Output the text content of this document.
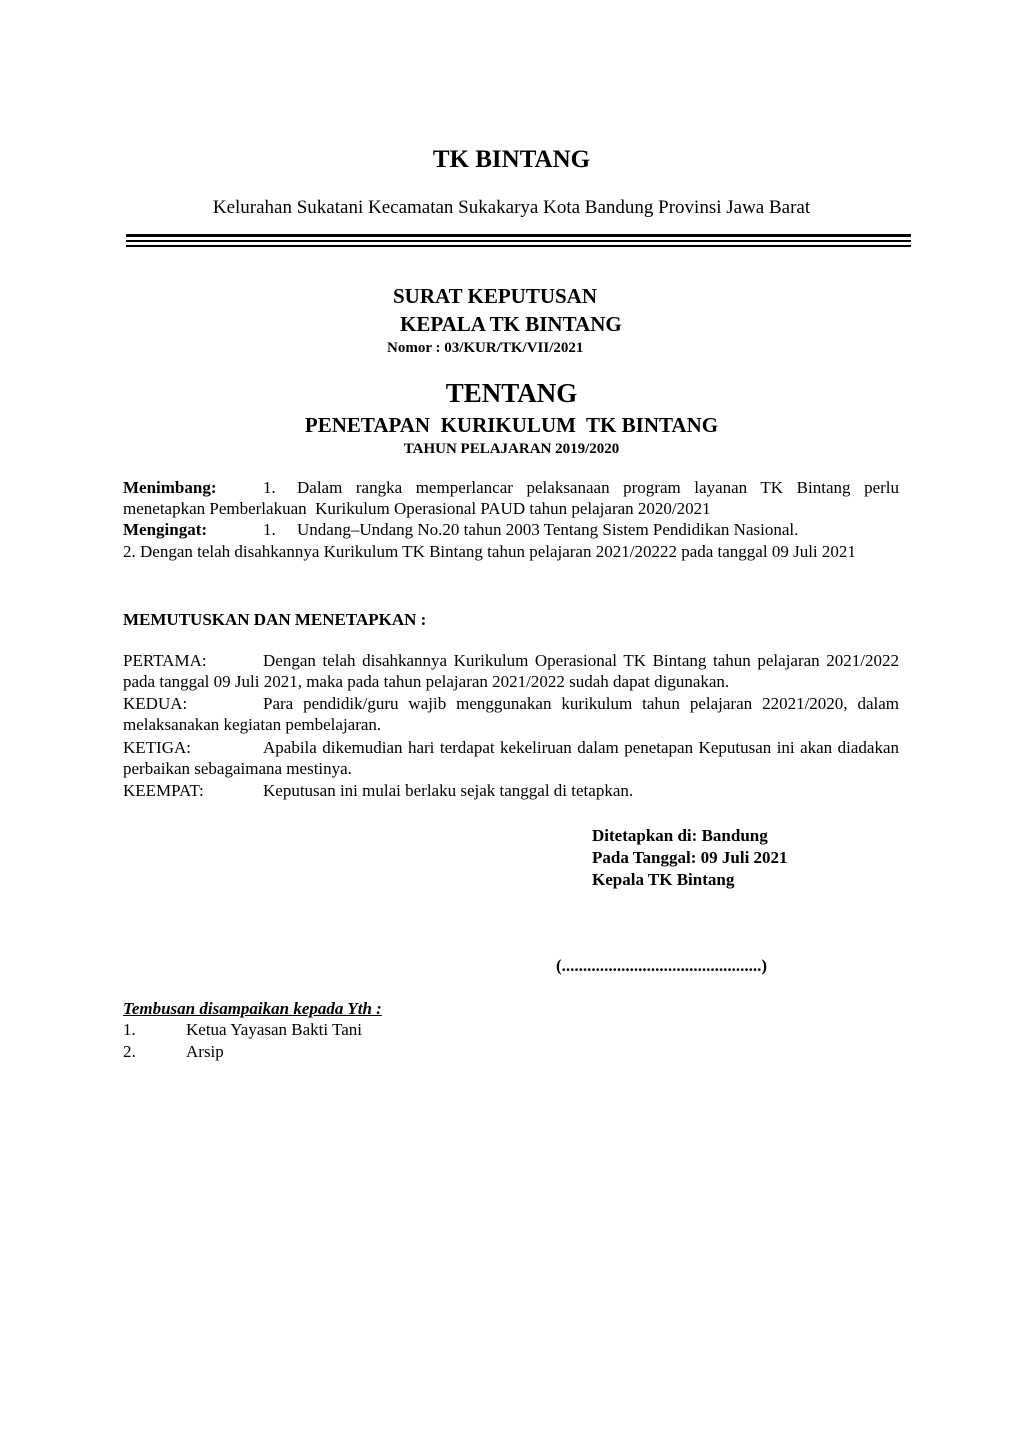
TK BINTANG
Kelurahan Sukatani Kecamatan Sukakarya Kota Bandung Provinsi Jawa Barat
SURAT KEPUTUSAN
KEPALA TK BINTANG
Nomor : 03/KUR/TK/VII/2021
TENTANG
PENETAPAN  KURIKULUM  TK BINTANG
TAHUN PELAJARAN 2019/2020
Menimbang:	1. Dalam rangka memperlancar pelaksanaan program layanan TK Bintang perlu menetapkan Pemberlakuan  Kurikulum Operasional PAUD tahun pelajaran 2020/2021
Mengingat:	1. Undang–Undang No.20 tahun 2003 Tentang Sistem Pendidikan Nasional.
2. Dengan telah disahkannya Kurikulum TK Bintang tahun pelajaran 2021/20222 pada tanggal 09 Juli 2021
MEMUTUSKAN DAN MENETAPKAN :
PERTAMA:	Dengan telah disahkannya Kurikulum Operasional TK Bintang tahun pelajaran 2021/2022 pada tanggal 09 Juli 2021, maka pada tahun pelajaran 2021/2022 sudah dapat digunakan.
KEDUA:	Para pendidik/guru wajib menggunakan kurikulum tahun pelajaran 22021/2020, dalam melaksanakan kegiatan pembelajaran.
KETIGA:	Apabila dikemudian hari terdapat kekeliruan dalam penetapan Keputusan ini akan diadakan perbaikan sebagaimana mestinya.
KEEMPAT:	Keputusan ini mulai berlaku sejak tanggal di tetapkan.
Ditetapkan di: Bandung
Pada Tanggal: 09 Juli 2021
Kepala TK Bintang
(...............................................)
Tembusan disampaikan kepada Yth :
1.	Ketua Yayasan Bakti Tani
2.	Arsip
